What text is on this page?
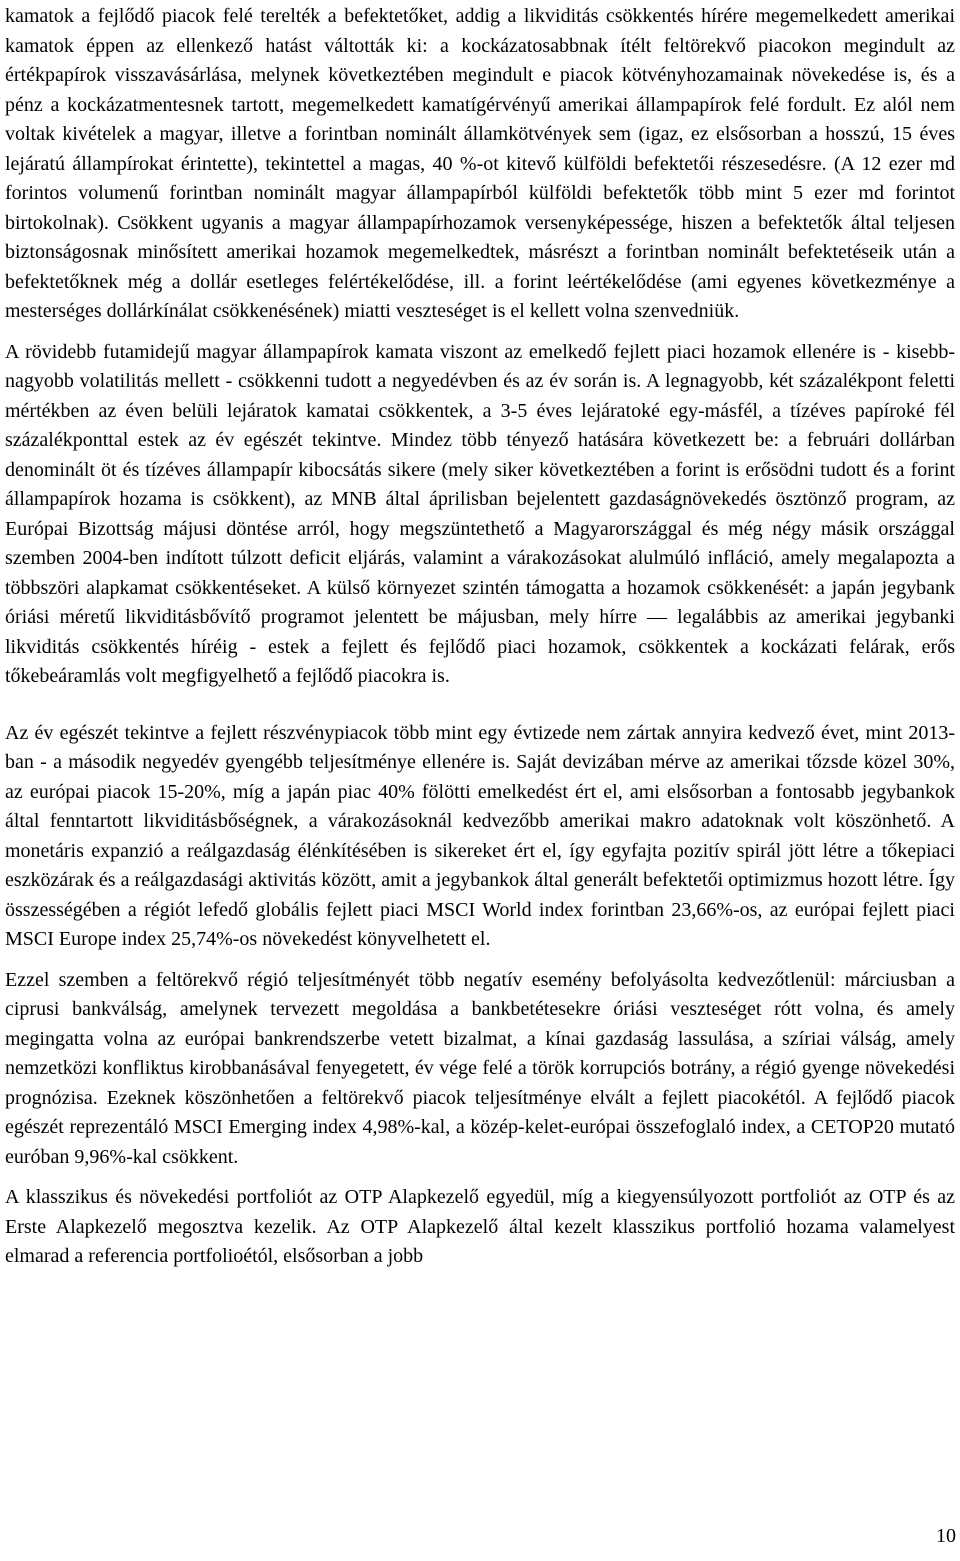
kamatok a fejlődő piacok felé terelték a befektetőket, addig a likviditás csökkentés hírére megemelkedett amerikai kamatok éppen az ellenkező hatást váltották ki: a kockázatosabbnak ítélt feltörekvő piacokon megindult az értékpapírok visszavásárlása, melynek következtében megindult e piacok kötvényhozamainak növekedése is, és a pénz a kockázatmentesnek tartott, megemelkedett kamatígérvényű amerikai állampapírok felé fordult. Ez alól nem voltak kivételek a magyar, illetve a forintban nominált államkötvények sem (igaz, ez elsősorban a hosszú, 15 éves lejáratú állampírokat érintette), tekintettel a magas, 40 %-ot kitevő külföldi befektetői részesedésre. (A 12 ezer md forintos volumenű forintban nominált magyar állampapírból külföldi befektetők több mint 5 ezer md forintot birtokolnak). Csökkent ugyanis a magyar állampapírhozamok versenyképessége, hiszen a befektetők által teljesen biztonságosnak minősített amerikai hozamok megemelkedtek, másrészt a forintban nominált befektetéseik után a befektetőknek még a dollár esetleges felértékelődése, ill. a forint leértékelődése (ami egyenes következménye a mesterséges dollárkínálat csökkenésének) miatti veszteséget is el kellett volna szenvedniük.

A rövidebb futamidejű magyar állampapírok kamata viszont az emelkedő fejlett piaci hozamok ellenére is - kisebb-nagyobb volatilitás mellett - csökkenni tudott a negyedévben és az év során is. A legnagyobb, két százalékpont feletti mértékben az éven belüli lejáratok kamatai csökkentek, a 3-5 éves lejáratoké egy-másfél, a tízéves papíroké fél százalékponttal estek az év egészét tekintve. Mindez több tényező hatására következett be: a februári dollárban denominált öt és tízéves állampapír kibocsátás sikere (mely siker következtében a forint is erősödni tudott és a forint állampapírok hozama is csökkent), az MNB által áprilisban bejelentett gazdaságnövekedés ösztönző program, az Európai Bizottság májusi döntése arról, hogy megszüntethető a Magyarországgal és még négy másik országgal szemben 2004-ben indított túlzott deficit eljárás, valamint a várakozásokat alulmúló infláció, amely megalapozta a többszöri alapkamat csökkentéseket. A külső környezet szintén támogatta a hozamok csökkenését: a japán jegybank óriási méretű likviditásbővítő programot jelentett be májusban, mely hírre — legalábbis az amerikai jegybanki likviditás csökkentés híréig - estek a fejlett és fejlődő piaci hozamok, csökkentek a kockázati felárak, erős tőkebeáramlás volt megfigyelhető a fejlődő piacokra is.

Az év egészét tekintve a fejlett részvénypiacok több mint egy évtizede nem zártak annyira kedvező évet, mint 2013-ban - a második negyedév gyengébb teljesítménye ellenére is. Saját devizában mérve az amerikai tőzsde közel 30%, az európai piacok 15-20%, míg a japán piac 40% fölötti emelkedést ért el, ami elsősorban a fontosabb jegybankok által fenntartott likviditásbőségnek, a várakozásoknál kedvezőbb amerikai makro adatoknak volt köszönhető. A monetáris expanzió a reálgazdaság élénkítésében is sikereket ért el, így egyfajta pozitív spirál jött létre a tőkepiaci eszközárak és a reálgazdasági aktivitás között, amit a jegybankok által generált befektetői optimizmus hozott létre. Így összességében a régiót lefedő globális fejlett piaci MSCI World index forintban 23,66%-os, az európai fejlett piaci MSCI Europe index 25,74%-os növekedést könyvelhetett el.

Ezzel szemben a feltörekvő régió teljesítményét több negatív esemény befolyásolta kedvezőtlenül: márciusban a ciprusi bankválság, amelynek tervezett megoldása a bankbetétesekre óriási veszteséget rótt volna, és amely megingatta volna az európai bankrendszerbe vetett bizalmat, a kínai gazdaság lassulása, a szíriai válság, amely nemzetközi konfliktus kirobbanásával fenyegetett, év vége felé a török korrupciós botrány, a régió gyenge növekedési prognózisa. Ezeknek köszönhetően a feltörekvő piacok teljesítménye elvált a fejlett piacokétól. A fejlődő piacok egészét reprezentáló MSCI Emerging index 4,98%-kal, a közép-kelet-európai összefoglaló index, a CETOP20 mutató euróban 9,96%-kal csökkent.

A klasszikus és növekedési portfoliót az OTP Alapkezelő egyedül, míg a kiegyensúlyozott portfoliót az OTP és az Erste Alapkezelő megosztva kezelik. Az OTP Alapkezelő által kezelt klasszikus portfolió hozama valamelyest elmarad a referencia portfolioétól, elsősorban a jobb

10
